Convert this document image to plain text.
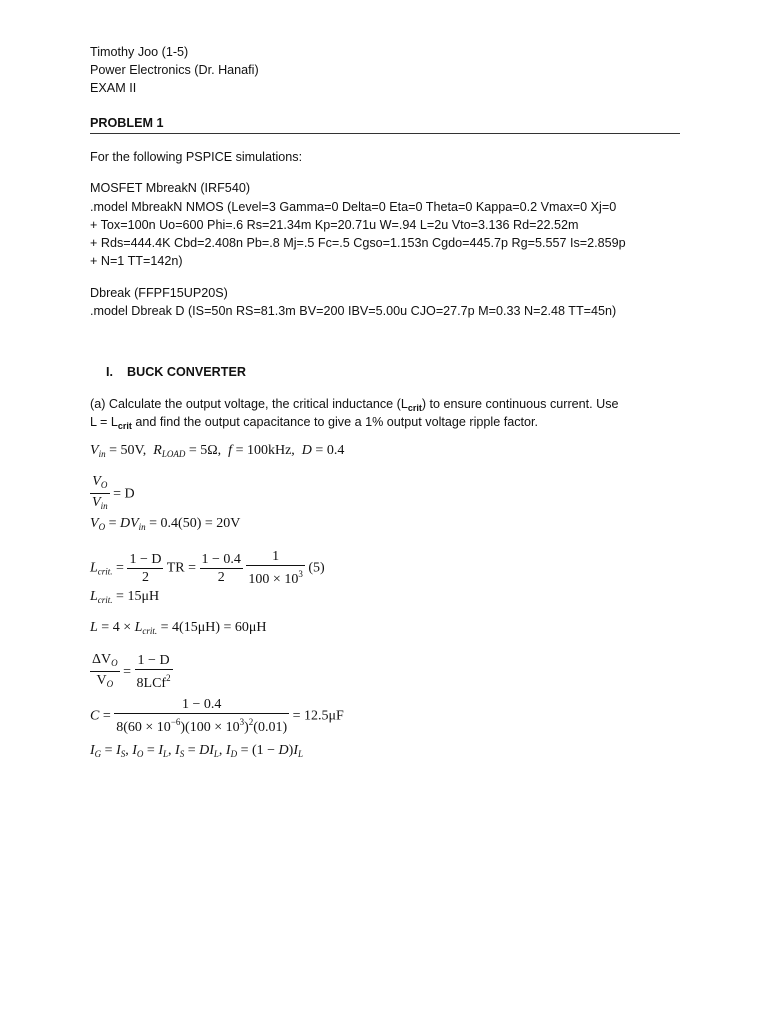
Timothy Joo (1-5)
Power Electronics (Dr. Hanafi)
EXAM II
PROBLEM 1
For the following PSPICE simulations:
MOSFET MbreakN (IRF540)
.model MbreakN NMOS (Level=3 Gamma=0 Delta=0 Eta=0 Theta=0 Kappa=0.2 Vmax=0 Xj=0
+ Tox=100n Uo=600 Phi=.6 Rs=21.34m Kp=20.71u W=.94 L=2u Vto=3.136 Rd=22.52m
+ Rds=444.4K Cbd=2.408n Pb=.8 Mj=.5 Fc=.5 Cgso=1.153n Cgdo=445.7p Rg=5.557 Is=2.859p
+ N=1 TT=142n)
Dbreak (FFPF15UP20S)
.model Dbreak D (IS=50n RS=81.3m BV=200 IBV=5.00u CJO=27.7p M=0.33 N=2.48 TT=45n)
I. BUCK CONVERTER
(a) Calculate the output voltage, the critical inductance $(L_{crit})$ to ensure continuous current. Use
$L = L_{crit}$ and find the output capacitance to give a 1% output voltage ripple factor.
$V_{in} = 50V$,  $R_{LOAD} = 5\Omega$, f = 100kHz, D = 0.4
$\frac{V_O}{V_{in}} = D$
$V_O = DV_{in} = 0.4(50) = 20V$
$L_{crit.} = \frac{1 - D}{2}$ TR = $\frac{1 - 0.4}{2}$
$\frac{1}{100 \times 10^3} (5)$
$L_{crit.} = 15\mu H$
$L = 4 \times L_{crit.} = 4(15\mu H) = 60\mu H$
$\frac{\Delta V_O}{V_O} = \frac{1 - D}{8LCf^2}$
$C = \frac{1 - 0.4}{8(60 \times 10^{-6})(100 \times 10^3)^2(0.01)} = 12.5\mu F$
$I_G = I_S$, $I_O = I_L$, $I_S = DI_L$, $I_D = (1 - D)I_L$
